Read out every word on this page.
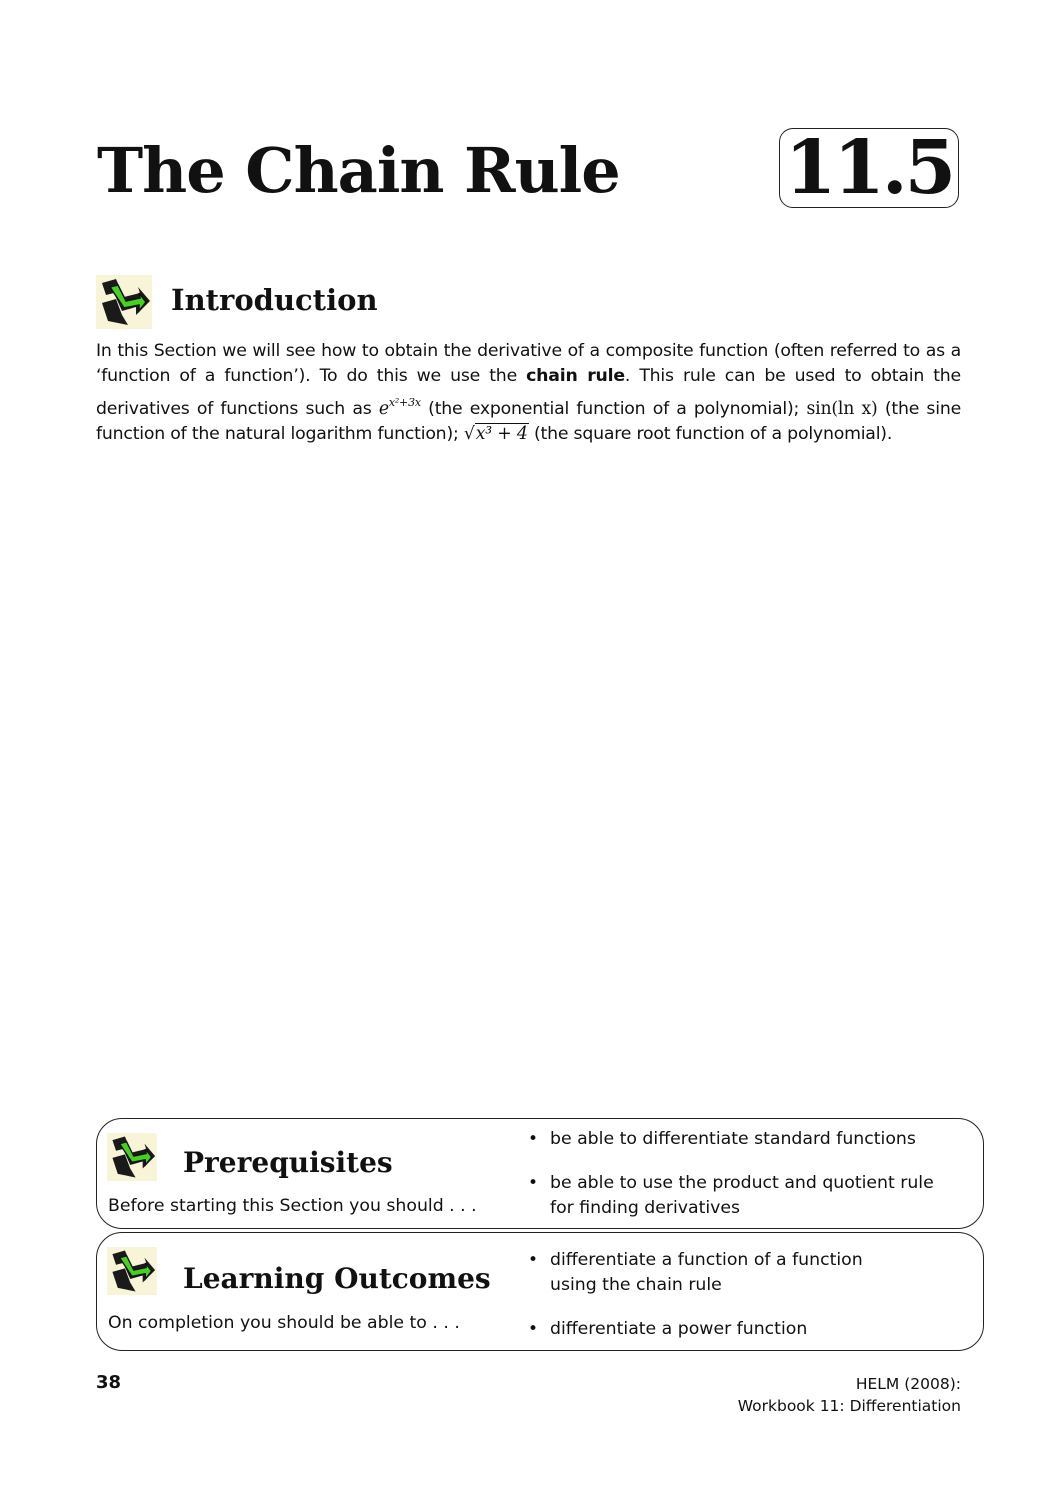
The Chain Rule 11.5
Introduction
In this Section we will see how to obtain the derivative of a composite function (often referred to as a ‘function of a function’). To do this we use the chain rule. This rule can be used to obtain the derivatives of functions such as $e^{x^2+3x}$ (the exponential function of a polynomial); sin(ln x) (the sine function of the natural logarithm function); √x³ + 4 (the square root function of a polynomial).
Prerequisites
Before starting this Section you should . . .
• be able to differentiate standard functions
• be able to use the product and quotient rule for finding derivatives
Learning Outcomes
On completion you should be able to . . .
• differentiate a function of a function using the chain rule
• differentiate a power function
38	HELM (2008):
Workbook 11: Differentiation
